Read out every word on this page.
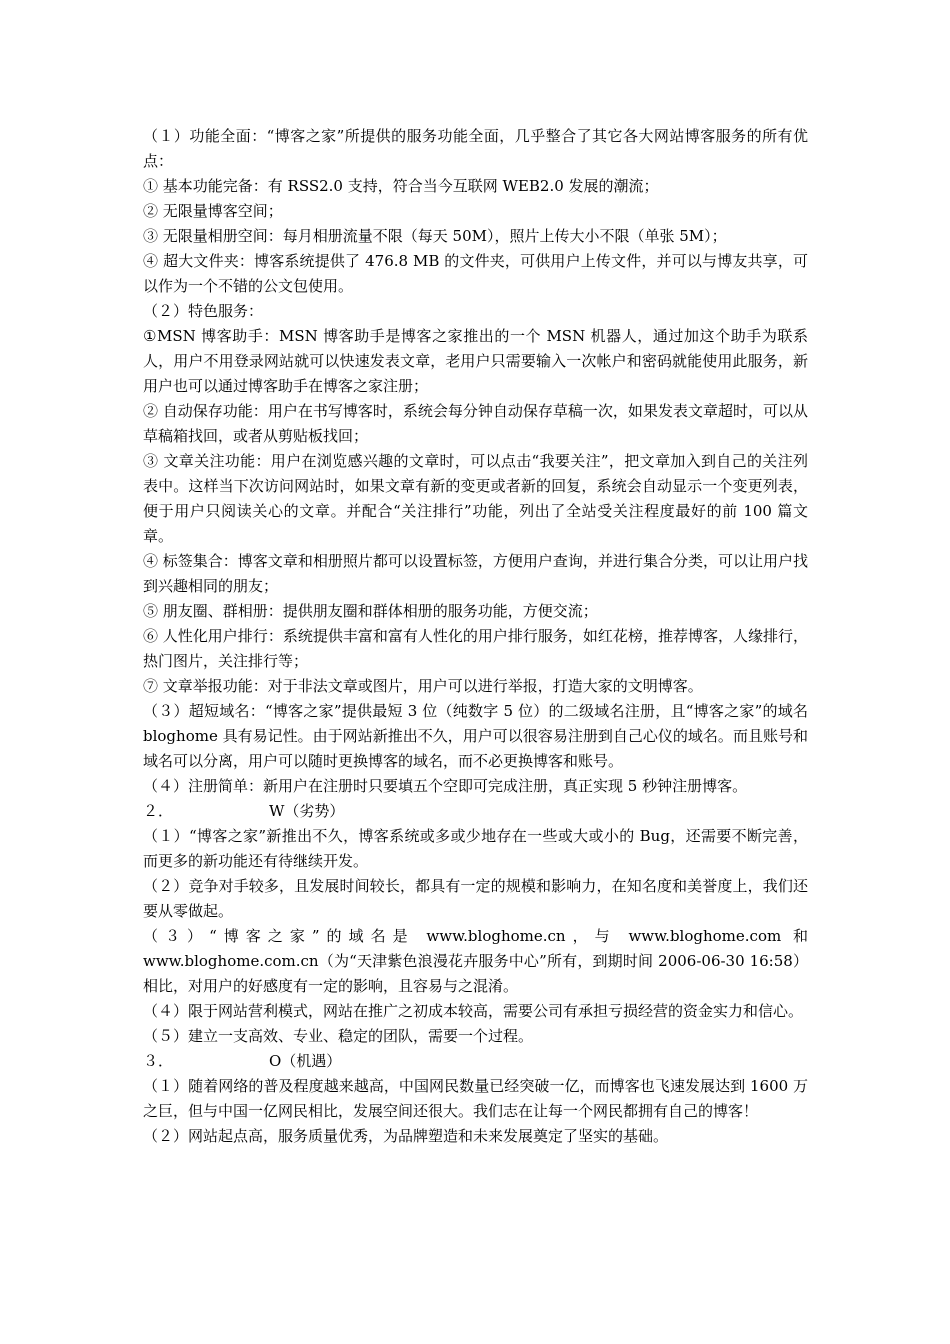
（１）功能全面：“博客之家”所提供的服务功能全面，几乎整合了其它各大网站博客服务的所有优点：

① 基本功能完备：有 RSS2.0 支持，符合当今互联网 WEB2.0 发展的潮流；

② 无限量博客空间；

③ 无限量相册空间：每月相册流量不限（每天 50M），照片上传大小不限（单张 5M）；

④ 超大文件夹：博客系统提供了 476.8 MB 的文件夹，可供用户上传文件，并可以与博友共享，可以作为一个不错的公文包使用。

（２）特色服务：

①MSN 博客助手：MSN 博客助手是博客之家推出的一个 MSN 机器人，通过加这个助手为联系人，用户不用登录网站就可以快速发表文章，老用户只需要输入一次帐户和密码就能使用此服务，新用户也可以通过博客助手在博客之家注册；

② 自动保存功能：用户在书写博客时，系统会每分钟自动保存草稿一次，如果发表文章超时，可以从草稿箱找回，或者从剪贴板找回；

③ 文章关注功能：用户在浏览感兴趣的文章时，可以点击“我要关注”，把文章加入到自己的关注列表中。这样当下次访问网站时，如果文章有新的变更或者新的回复，系统会自动显示一个变更列表，便于用户只阅读关心的文章。并配合“关注排行”功能，列出了全站受关注程度最好的前 100 篇文章。

④ 标签集合：博客文章和相册照片都可以设置标签，方便用户查询，并进行集合分类，可以让用户找到兴趣相同的朋友；

⑤ 朋友圈、群相册：提供朋友圈和群体相册的服务功能，方便交流；

⑥ 人性化用户排行：系统提供丰富和富有人性化的用户排行服务，如红花榜，推荐博客，人缘排行，热门图片，关注排行等；

⑦ 文章举报功能：对于非法文章或图片，用户可以进行举报，打造大家的文明博客。

（３）超短域名：“博客之家”提供最短 3 位（纯数字 5 位）的二级域名注册，且“博客之家”的域名 bloghome 具有易记性。由于网站新推出不久，用户可以很容易注册到自己心仪的域名。而且账号和域名可以分离，用户可以随时更换博客的域名，而不必更换博客和账号。

（４）注册简单：新用户在注册时只要填五个空即可完成注册，真正实现 5 秒钟注册博客。

２．	W（劣势）

（１）“博客之家”新推出不久，博客系统或多或少地存在一些或大或小的 Bug，还需要不断完善，而更多的新功能还有待继续开发。

（２）竞争对手较多，且发展时间较长，都具有一定的规模和影响力，在知名度和美誉度上，我们还要从零做起。

（３）“博客之家”的域名是 www.bloghome.cn，与 www.bloghome.com 和

www.bloghome.com.cn（为“天津紫色浪漫花卉服务中心”所有，到期时间 2006-06-30 16:58）相比，对用户的好感度有一定的影响，且容易与之混淆。

（４）限于网站营利模式，网站在推广之初成本较高，需要公司有承担亏损经营的资金实力和信心。

（５）建立一支高效、专业、稳定的团队，需要一个过程。

３．	O（机遇）

（１）随着网络的普及程度越来越高，中国网民数量已经突破一亿，而博客也飞速发展达到 1600 万之巨，但与中国一亿网民相比，发展空间还很大。我们志在让每一个网民都拥有自己的博客！

（２）网站起点高，服务质量优秀，为品牌塑造和未来发展奠定了坚实的基础。
